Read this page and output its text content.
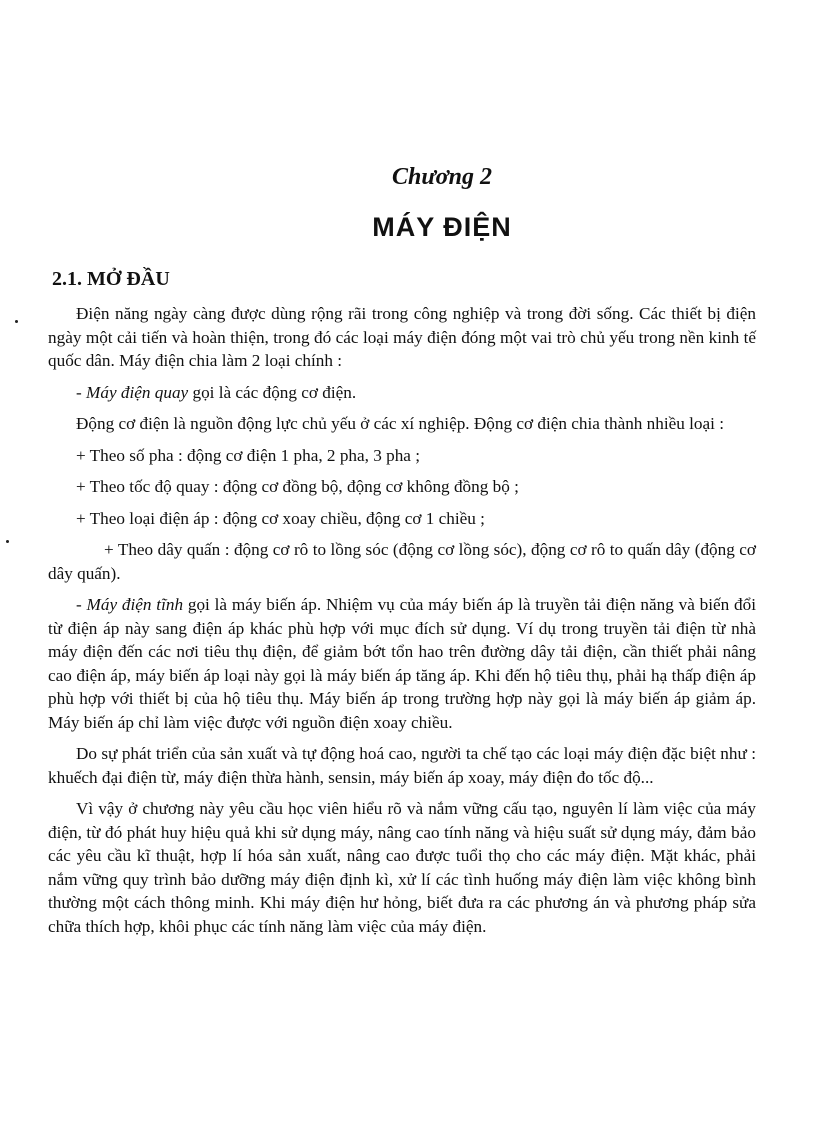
Chương 2
MÁY ĐIỆN
2.1. MỞ ĐẦU

Điện năng ngày càng được dùng rộng rãi trong công nghiệp và trong đời sống. Các thiết bị điện ngày một cải tiến và hoàn thiện, trong đó các loại máy điện đóng một vai trò chủ yếu trong nền kinh tế quốc dân. Máy điện chia làm 2 loại chính :

- Máy điện quay gọi là các động cơ điện.

Động cơ điện là nguồn động lực chủ yếu ở các xí nghiệp. Động cơ điện chia thành nhiều loại :

+ Theo số pha : động cơ điện 1 pha, 2 pha, 3 pha ;

+ Theo tốc độ quay : động cơ đồng bộ, động cơ không đồng bộ ;

+ Theo loại điện áp : động cơ xoay chiều, động cơ 1 chiều ;

+ Theo dây quấn : động cơ rô to lồng sóc (động cơ lồng sóc), động cơ rô to quấn dây (động cơ dây quấn).

- Máy điện tĩnh gọi là máy biến áp. Nhiệm vụ của máy biến áp là truyền tải điện năng và biến đổi từ điện áp này sang điện áp khác phù hợp với mục đích sử dụng. Ví dụ trong truyền tải điện từ nhà máy điện đến các nơi tiêu thụ điện, để giảm bớt tổn hao trên đường dây tải điện, cần thiết phải nâng cao điện áp, máy biến áp loại này gọi là máy biến áp tăng áp. Khi đến hộ tiêu thụ, phải hạ thấp điện áp phù hợp với thiết bị của hộ tiêu thụ. Máy biến áp trong trường hợp này gọi là máy biến áp giảm áp. Máy biến áp chỉ làm việc được với nguồn điện xoay chiều.

Do sự phát triển của sản xuất và tự động hoá cao, người ta chế tạo các loại máy điện đặc biệt như : khuếch đại điện từ, máy điện thừa hành, sensin, máy biến áp xoay, máy điện đo tốc độ...

Vì vậy ở chương này yêu cầu học viên hiểu rõ và nắm vững cấu tạo, nguyên lí làm việc của máy điện, từ đó phát huy hiệu quả khi sử dụng máy, nâng cao tính năng và hiệu suất sử dụng máy, đảm bảo các yêu cầu kĩ thuật, hợp lí hóa sản xuất, nâng cao được tuổi thọ cho các máy điện. Mặt khác, phải nắm vững quy trình bảo dưỡng máy điện định kì, xử lí các tình huống máy điện làm việc không bình thường một cách thông minh. Khi máy điện hư hỏng, biết đưa ra các phương án và phương pháp sửa chữa thích hợp, khôi phục các tính năng làm việc của máy điện.
